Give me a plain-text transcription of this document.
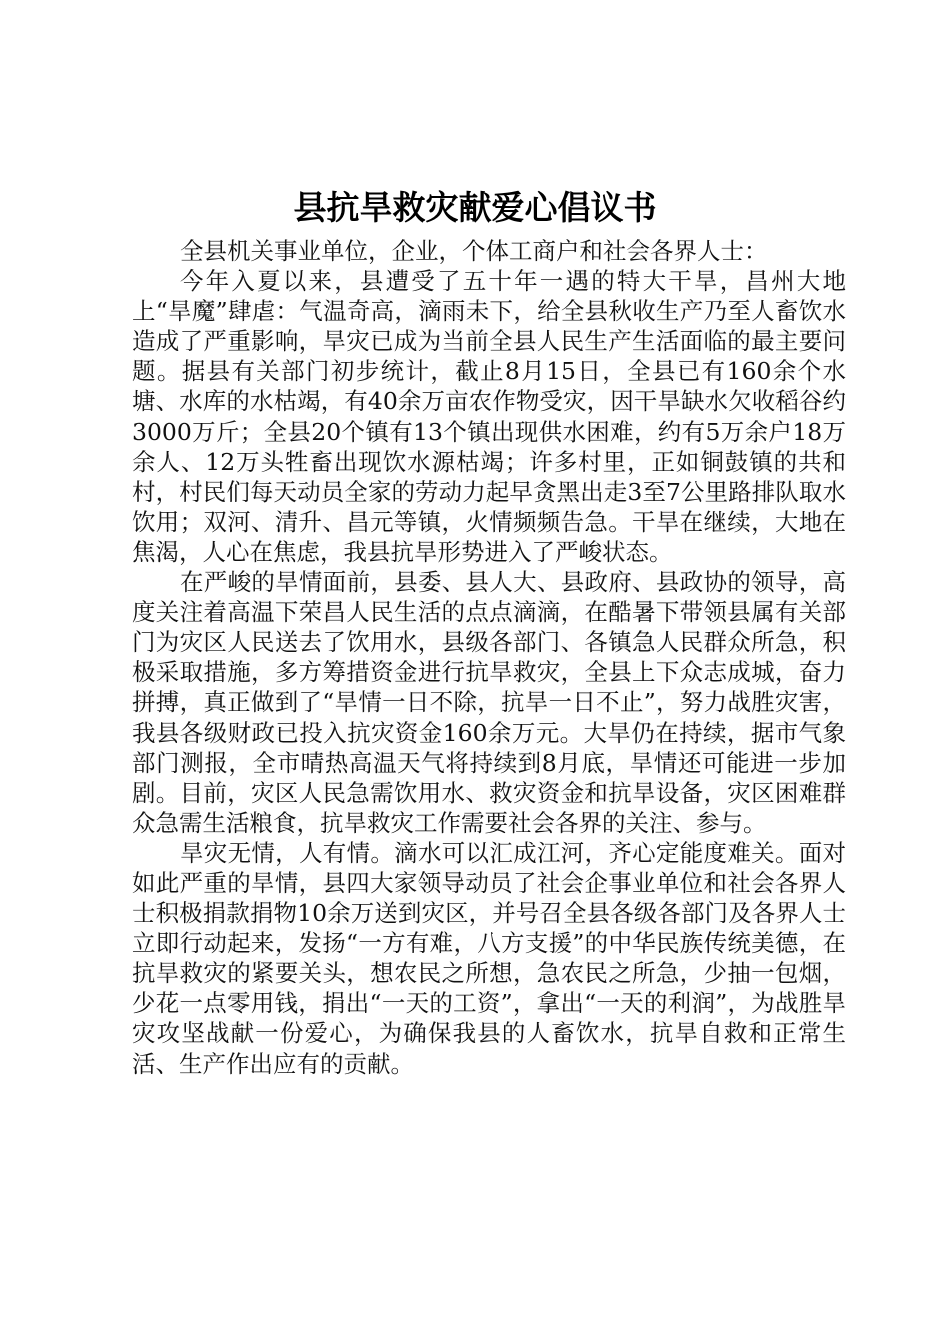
县抗旱救灾献爱心倡议书

全县机关事业单位，企业，个体工商户和社会各界人士：

今年入夏以来，县遭受了五十年一遇的特大干旱，昌州大地上“旱魔”肆虐：气温奇高，滴雨未下，给全县秋收生产乃至人畜饮水造成了严重影响，旱灾已成为当前全县人民生产生活面临的最主要问题。据县有关部门初步统计，截止8月15日，全县已有160余个水塘、水库的水枯竭，有40余万亩农作物受灾，因干旱缺水欠收稻谷约3000万斤；全县20个镇有13个镇出现供水困难，约有5万余户18万余人、12万头牲畜出现饮水源枯竭；许多村里，正如铜鼓镇的共和村，村民们每天动员全家的劳动力起早贪黑出走3至7公里路排队取水饮用；双河、清升、昌元等镇，火情频频告急。干旱在继续，大地在焦渴，人心在焦虑，我县抗旱形势进入了严峻状态。

在严峻的旱情面前，县委、县人大、县政府、县政协的领导，高度关注着高温下荣昌人民生活的点点滴滴，在酷暑下带领县属有关部门为灾区人民送去了饮用水，县级各部门、各镇急人民群众所急，积极采取措施，多方筹措资金进行抗旱救灾，全县上下众志成城，奋力拼搏，真正做到了“旱情一日不除，抗旱一日不止”，努力战胜灾害，我县各级财政已投入抗灾资金160余万元。大旱仍在持续，据市气象部门测报，全市晴热高温天气将持续到8月底，旱情还可能进一步加剧。目前，灾区人民急需饮用水、救灾资金和抗旱设备，灾区困难群众急需生活粮食，抗旱救灾工作需要社会各界的关注、参与。

旱灾无情，人有情。滴水可以汇成江河，齐心定能度难关。面对如此严重的旱情，县四大家领导动员了社会企事业单位和社会各界人士积极捐款捐物10余万送到灾区，并号召全县各级各部门及各界人士立即行动起来，发扬“一方有难，八方支援”的中华民族传统美德，在抗旱救灾的紧要关头，想农民之所想，急农民之所急，少抽一包烟，少花一点零用钱，捐出“一天的工资”，拿出“一天的利润”，为战胜旱灾攻坚战献一份爱心，为确保我县的人畜饮水，抗旱自救和正常生活、生产作出应有的贡献。
